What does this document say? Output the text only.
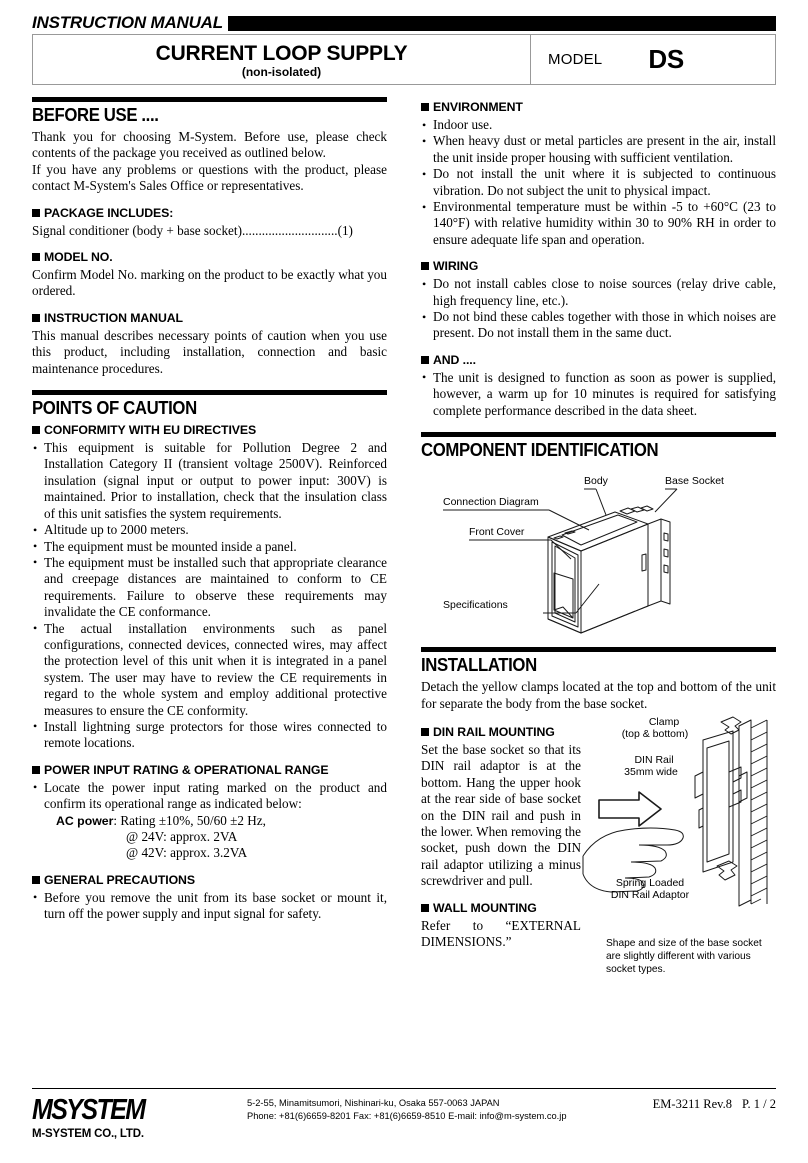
INSTRUCTION MANUAL
CURRENT LOOP SUPPLY
(non-isolated)
MODEL DS
BEFORE USE ....

Thank you for choosing M-System. Before use, please check contents of the package you received as outlined below.

If you have any problems or questions with the product, please contact M-System's Sales Office or representatives.

PACKAGE INCLUDES:

Signal conditioner (body + base socket).............................(1)

MODEL NO.

Confirm Model No. marking on the product to be exactly what you ordered.

INSTRUCTION MANUAL

This manual describes necessary points of caution when you use this product, including installation, connection and basic maintenance procedures.

POINTS OF CAUTION
CONFORMITY WITH EU DIRECTIVES
• This equipment is suitable for Pollution Degree 2 and Installation Category II (transient voltage 2500V). Reinforced insulation (signal input or output to power input: 300V) is maintained. Prior to installation, check that the insulation class of this unit satisfies the system requirements.
• Altitude up to 2000 meters.
• The equipment must be mounted inside a panel.
• The equipment must be installed such that appropriate clearance and creepage distances are maintained to conform to CE requirements. Failure to observe these requirements may invalidate the CE conformance.
• The actual installation environments such as panel configurations, connected devices, connected wires, may affect the protection level of this unit when it is integrated in a panel system. The user may have to review the CE requirements in regard to the whole system and employ additional protective measures to ensure the CE conformity.
• Install lightning surge protectors for those wires connected to remote locations.
POWER INPUT RATING & OPERATIONAL RANGE
• Locate the power input rating marked on the product and confirm its operational range as indicated below:
AC power: Rating ±10%, 50/60 ±2 Hz,
@ 24V: approx. 2VA
@ 42V: approx. 3.2VA
GENERAL PRECAUTIONS
• Before you remove the unit from its base socket or mount it, turn off the power supply and input signal for safety.
ENVIRONMENT
• Indoor use.
• When heavy dust or metal particles are present in the air, install the unit inside proper housing with sufficient ventilation.
• Do not install the unit where it is subjected to continuous vibration. Do not subject the unit to physical impact.
• Environmental temperature must be within -5 to +60°C (23 to 140°F) with relative humidity within 30 to 90% RH in order to ensure adequate life span and operation.
WIRING
• Do not install cables close to noise sources (relay drive cable, high frequency line, etc.).
• Do not bind these cables together with those in which noises are present. Do not install them in the same duct.
AND ....
• The unit is designed to function as soon as power is supplied, however, a warm up for 10 minutes is required for satisfying complete performance described in the data sheet.
COMPONENT IDENTIFICATION
Body	Base Socket
Connection Diagram
Front Cover
Specifications
INSTALLATION

Detach the yellow clamps located at the top and bottom of the unit for separate the body from the base socket.

DIN RAIL MOUNTING

Set the base socket so that its DIN rail adaptor is at the bottom. Hang the upper hook at the rear side of base socket on the DIN rail and push in the lower. When removing the socket, push down the DIN rail adaptor utilizing a minus screwdriver and pull.

WALL MOUNTING

Refer to “EXTERNAL DIMENSIONS.”

Clamp
(top & bottom)
DIN Rail
35mm wide
Spring Loaded
DIN Rail Adaptor
Shape and size of the base socket are slightly different with various socket types.
MSYSTEM
M-SYSTEM CO., LTD.
5-2-55, Minamitsumori, Nishinari-ku, Osaka 557-0063 JAPAN
Phone: +81(6)6659-8201 Fax: +81(6)6659-8510 E-mail: info@m-system.co.jp
EM-3211 Rev.8 P. 1 / 2
